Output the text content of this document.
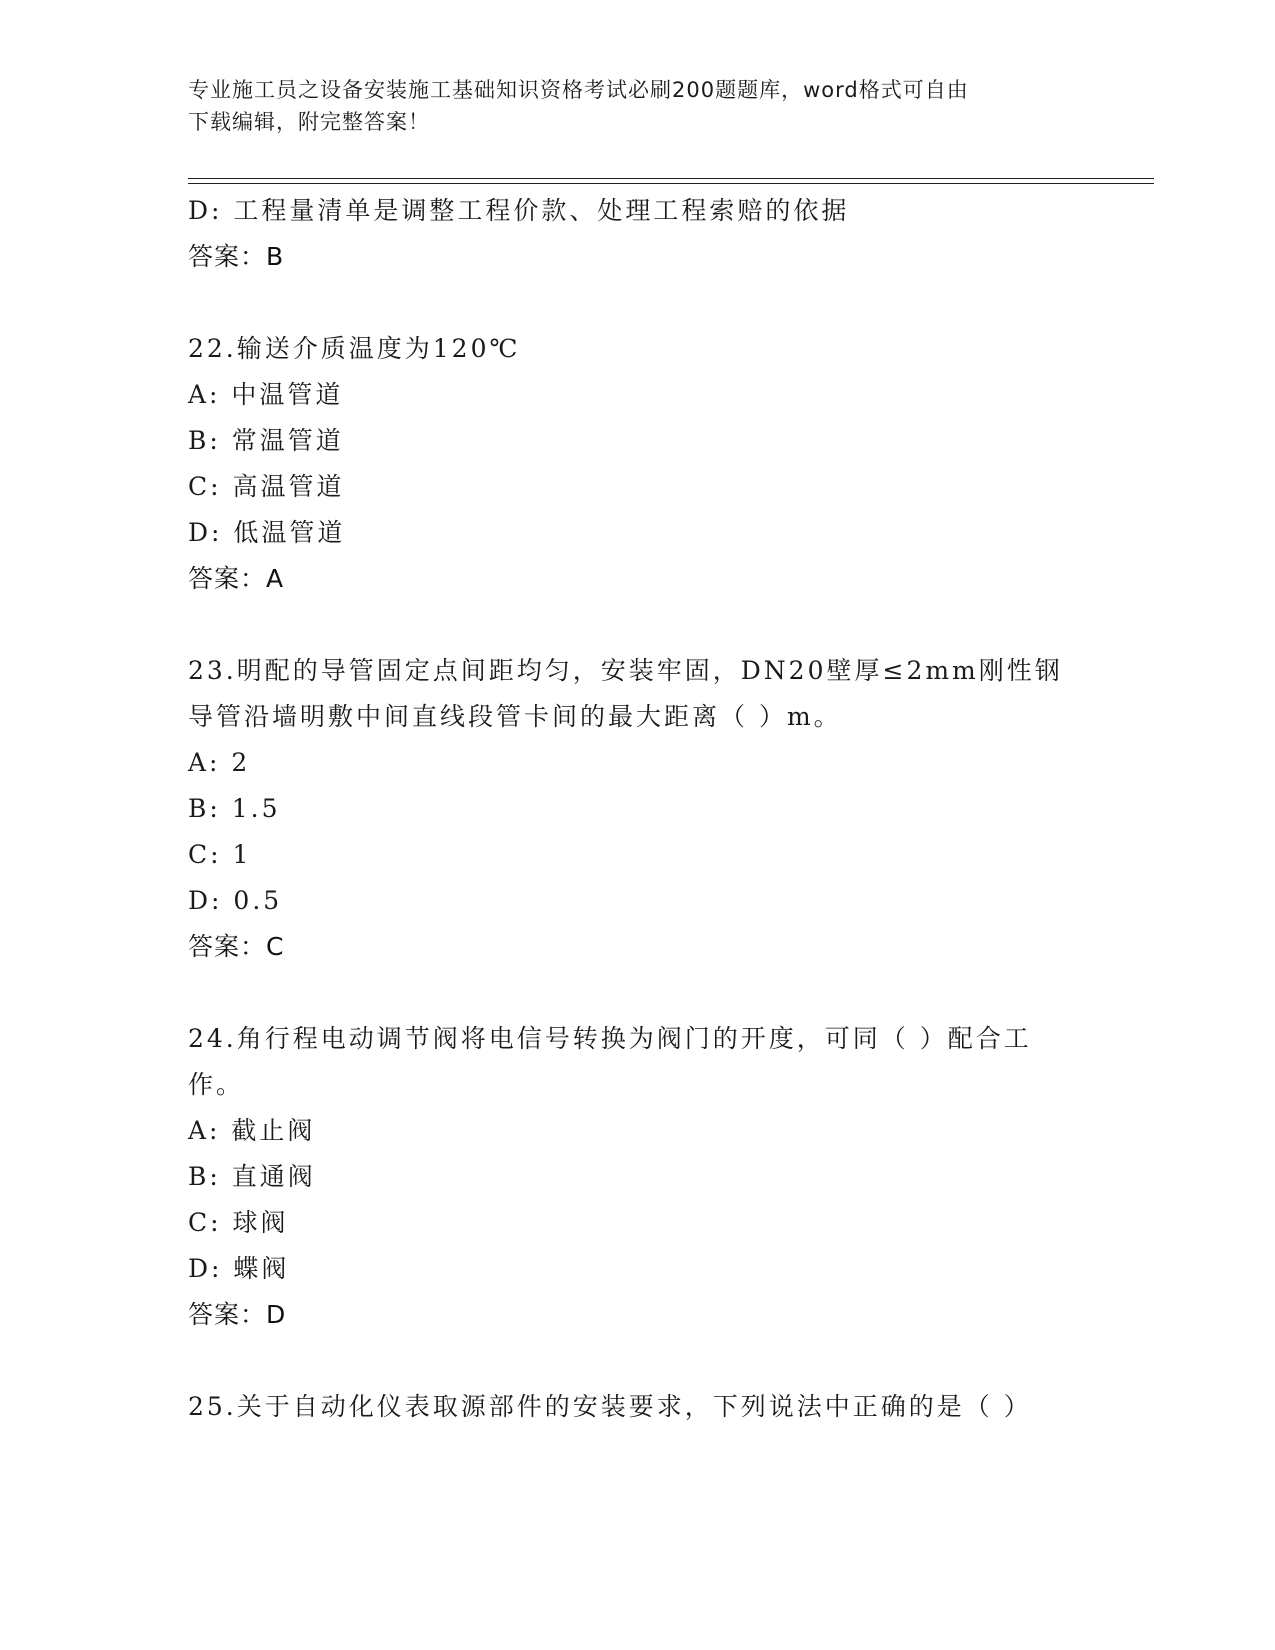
专业施工员之设备安装施工基础知识资格考试必刷200题题库，word格式可自由
下载编辑，附完整答案！
D: 工程量清单是调整工程价款、处理工程索赔的依据
答案：B
22.输送介质温度为120℃
A: 中温管道
B: 常温管道
C: 高温管道
D: 低温管道
答案：A
23.明配的导管固定点间距均匀，安装牢固，DN20壁厚≤2mm刚性钢导管沿墙明敷中间直线段管卡间的最大距离（ ）m。
A: 2
B: 1.5
C: 1
D: 0.5
答案：C
24.角行程电动调节阀将电信号转换为阀门的开度，可同（ ）配合工作。
A: 截止阀
B: 直通阀
C: 球阀
D: 蝶阀
答案：D
25.关于自动化仪表取源部件的安装要求，下列说法中正确的是（ ）
